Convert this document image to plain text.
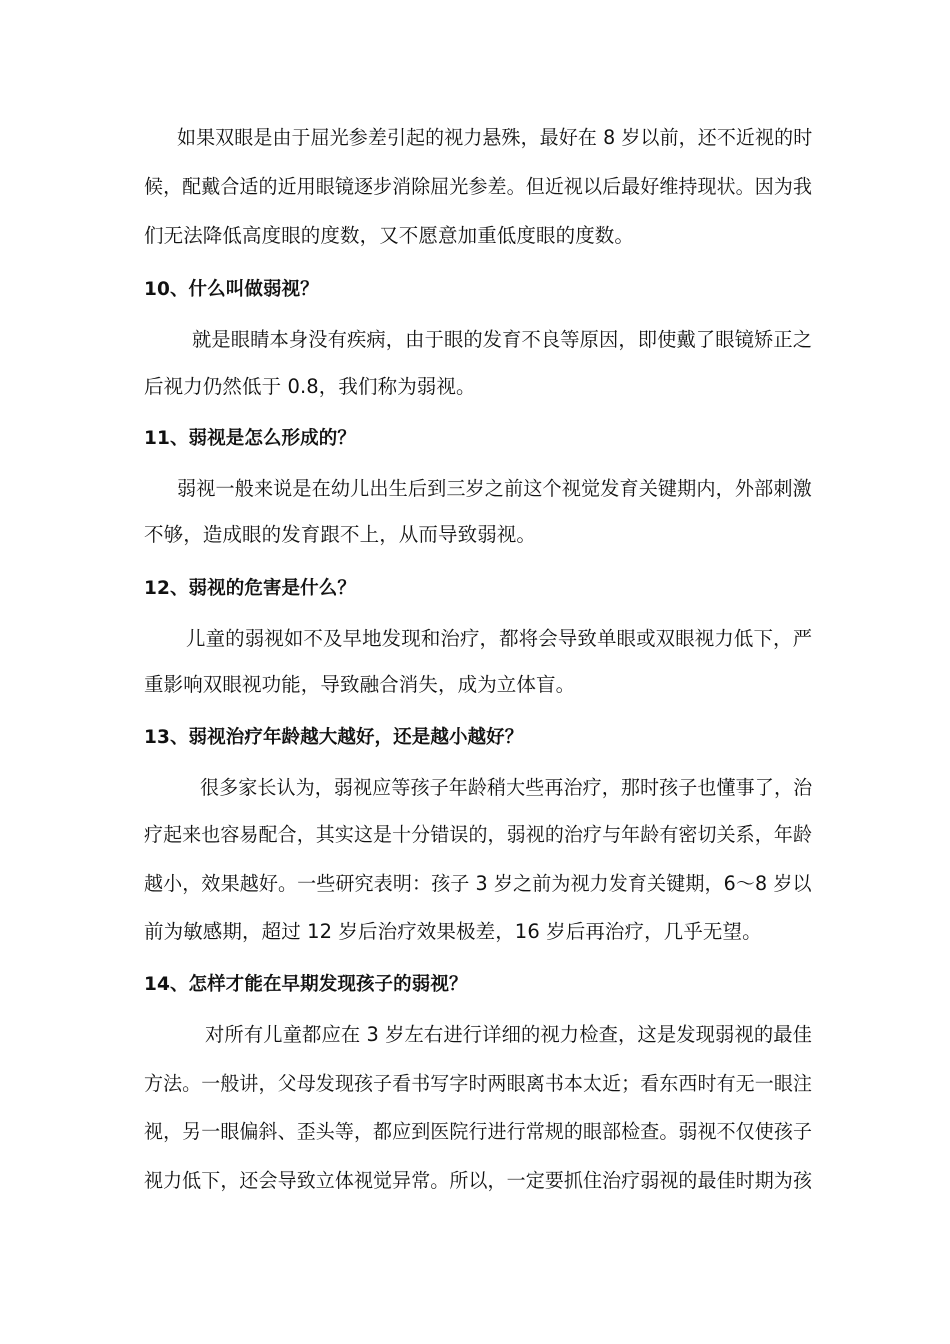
如果双眼是由于屈光参差引起的视力悬殊，最好在 8 岁以前，还不近视的时
候，配戴合适的近用眼镜逐步消除屈光参差。但近视以后最好维持现状。因为我
们无法降低高度眼的度数，又不愿意加重低度眼的度数。
10、什么叫做弱视？
就是眼睛本身没有疾病，由于眼的发育不良等原因，即使戴了眼镜矫正之
后视力仍然低于 0.8，我们称为弱视。
11、弱视是怎么形成的？
弱视一般来说是在幼儿出生后到三岁之前这个视觉发育关键期内，外部刺激
不够，造成眼的发育跟不上，从而导致弱视。
12、弱视的危害是什么？
儿童的弱视如不及早地发现和治疗，都将会导致单眼或双眼视力低下，严
重影响双眼视功能，导致融合消失，成为立体盲。
13、弱视治疗年龄越大越好，还是越小越好？
很多家长认为，弱视应等孩子年龄稍大些再治疗，那时孩子也懂事了，治
疗起来也容易配合，其实这是十分错误的，弱视的治疗与年龄有密切关系，年龄
越小，效果越好。一些研究表明：孩子 3 岁之前为视力发育关键期，6～8 岁以
前为敏感期，超过 12 岁后治疗效果极差，16 岁后再治疗，几乎无望。
14、怎样才能在早期发现孩子的弱视？
对所有儿童都应在 3 岁左右进行详细的视力检查，这是发现弱视的最佳
方法。一般讲，父母发现孩子看书写字时两眼离书本太近；看东西时有无一眼注
视，另一眼偏斜、歪头等，都应到医院行进行常规的眼部检查。弱视不仅使孩子
视力低下，还会导致立体视觉异常。所以，一定要抓住治疗弱视的最佳时期为孩
